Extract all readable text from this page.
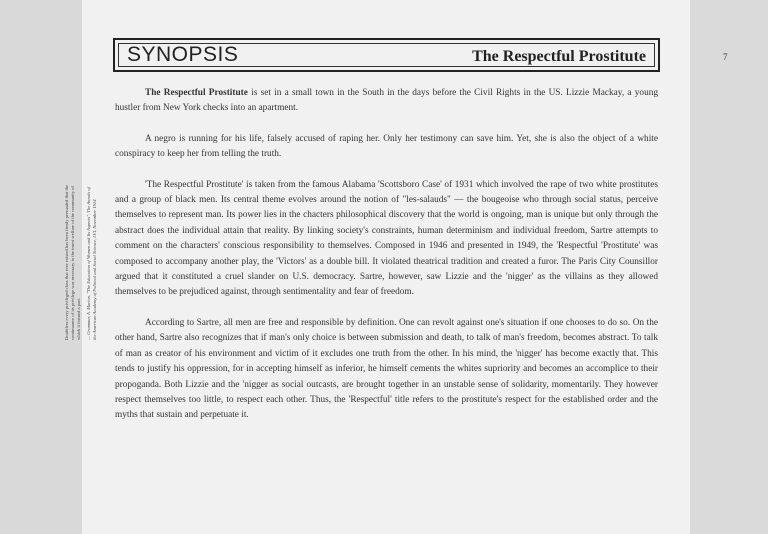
Doubtless every privileged class that ever existed has been firmly persuaded that the continuance of its privilege was necessary to the truest welfare of the community of which it formed a part. — Grammar, A. Marion, "The Education of Women and Its Aspects", The Annals of the American Academy of Political and Social Science, LVI, November 1914

7
SYNOPSIS	The Respectful Prostitute

The Respectful Prostitute is set in a small town in the South in the days before the Civil Rights in the US. Lizzie Mackay, a young hustler from New York checks into an apartment.

A negro is running for his life, falsely accused of raping her. Only her testimony can save him. Yet, she is also the object of a white conspiracy to keep her from telling the truth.

'The Respectful Prostitute' is taken from the famous Alabama 'Scottsboro Case' of 1931 which involved the rape of two white prostitutes and a group of black men. Its central theme evolves around the notion of "les-salauds" — the bougeoise who through social status, perceive themselves to represent man. Its power lies in the chacters philosophical discovery that the world is ongoing, man is unique but only through the abstract does the individual attain that reality. By linking society's constraints, human determinism and individual freedom, Sartre attempts to comment on the characters' conscious responsibility to themselves. Composed in 1946 and presented in 1949, the 'Respectful 'Prostitute' was composed to accompany another play, the 'Victors' as a double bill. It violated theatrical tradition and created a furor. The Paris City Counsillor argued that it constituted a cruel slander on U.S. democracy. Sartre, however, saw Lizzie and the 'nigger' as the villains as they allowed themselves to be prejudiced against, through sentimentality and fear of freedom.

According to Sartre, all men are free and responsible by definition. One can revolt against one's situation if one chooses to do so. On the other hand, Sartre also recognizes that if man's only choice is between submission and death, to talk of man's freedom, becomes abstract. To talk of man as creator of his environment and victim of it excludes one truth from the other. In his mind, the 'nigger' has become exactly that. This tends to justify his oppression, for in accepting himself as inferior, he himself cements the whites supriority and becomes an accomplice to their propoganda. Both Lizzie and the 'nigger as social outcasts, are brought together in an unstable sense of solidarity, momentarily. They however respect themselves too little, to respect each other. Thus, the 'Respectful' title refers to the prostitute's respect for the established order and the myths that sustain and perpetuate it.
